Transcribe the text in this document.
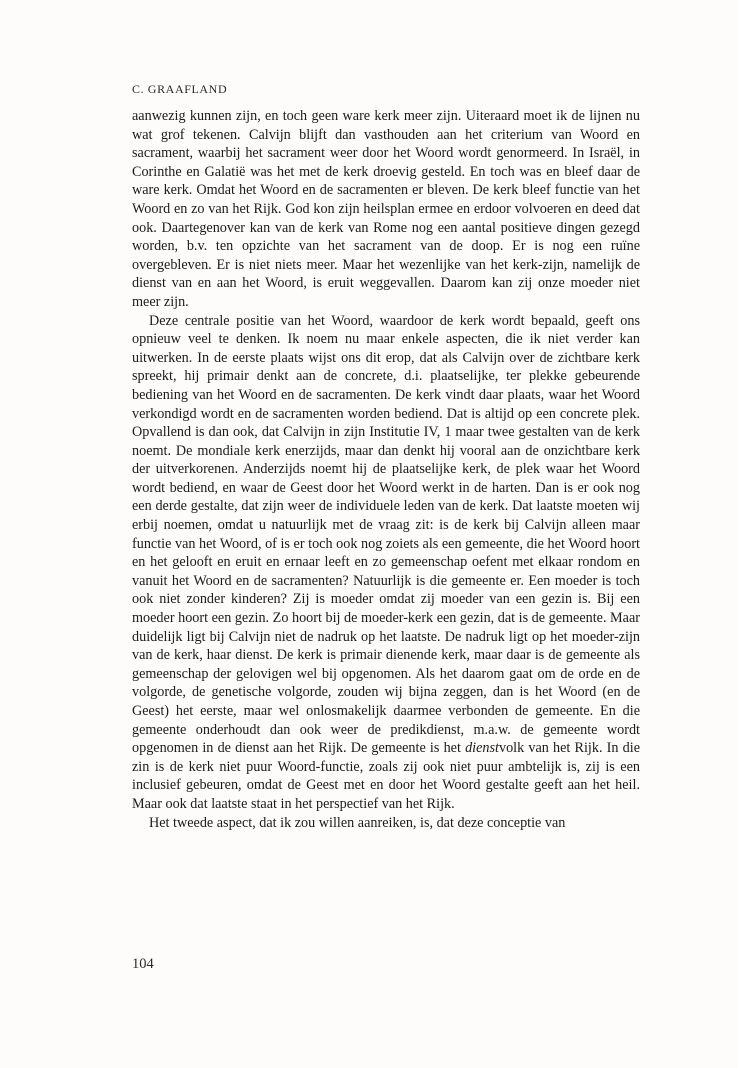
C. GRAAFLAND

aanwezig kunnen zijn, en toch geen ware kerk meer zijn. Uiteraard moet ik de lijnen nu wat grof tekenen. Calvijn blijft dan vasthouden aan het criterium van Woord en sacrament, waarbij het sacrament weer door het Woord wordt genormeerd. In Israël, in Corinthe en Galatië was het met de kerk droevig gesteld. En toch was en bleef daar de ware kerk. Omdat het Woord en de sacramenten er bleven. De kerk bleef functie van het Woord en zo van het Rijk. God kon zijn heilsplan ermee en erdoor volvoeren en deed dat ook. Daartegenover kan van de kerk van Rome nog een aantal positieve dingen gezegd worden, b.v. ten opzichte van het sacrament van de doop. Er is nog een ruïne overgebleven. Er is niet niets meer. Maar het wezenlijke van het kerk-zijn, namelijk de dienst van en aan het Woord, is eruit weggevallen. Daarom kan zij onze moeder niet meer zijn.

Deze centrale positie van het Woord, waardoor de kerk wordt bepaald, geeft ons opnieuw veel te denken. Ik noem nu maar enkele aspecten, die ik niet verder kan uitwerken. In de eerste plaats wijst ons dit erop, dat als Calvijn over de zichtbare kerk spreekt, hij primair denkt aan de concrete, d.i. plaatselijke, ter plekke gebeurende bediening van het Woord en de sacramenten. De kerk vindt daar plaats, waar het Woord verkondigd wordt en de sacramenten worden bediend. Dat is altijd op een concrete plek. Opvallend is dan ook, dat Calvijn in zijn Institutie IV, 1 maar twee gestalten van de kerk noemt. De mondiale kerk enerzijds, maar dan denkt hij vooral aan de onzichtbare kerk der uitverkorenen. Anderzijds noemt hij de plaatselijke kerk, de plek waar het Woord wordt bediend, en waar de Geest door het Woord werkt in de harten. Dan is er ook nog een derde gestalte, dat zijn weer de individuele leden van de kerk. Dat laatste moeten wij erbij noemen, omdat u natuurlijk met de vraag zit: is de kerk bij Calvijn alleen maar functie van het Woord, of is er toch ook nog zoiets als een gemeente, die het Woord hoort en het gelooft en eruit en ernaar leeft en zo gemeenschap oefent met elkaar rondom en vanuit het Woord en de sacramenten? Natuurlijk is die gemeente er. Een moeder is toch ook niet zonder kinderen? Zij is moeder omdat zij moeder van een gezin is. Bij een moeder hoort een gezin. Zo hoort bij de moeder-kerk een gezin, dat is de gemeente. Maar duidelijk ligt bij Calvijn niet de nadruk op het laatste. De nadruk ligt op het moeder-zijn van de kerk, haar dienst. De kerk is primair dienende kerk, maar daar is de gemeente als gemeenschap der gelovigen wel bij opgenomen. Als het daarom gaat om de orde en de volgorde, de genetische volgorde, zouden wij bijna zeggen, dan is het Woord (en de Geest) het eerste, maar wel onlosmakelijk daarmee verbonden de gemeente. En die gemeente onderhoudt dan ook weer de predikdienst, m.a.w. de gemeente wordt opgenomen in de dienst aan het Rijk. De gemeente is het dienstvolk van het Rijk. In die zin is de kerk niet puur Woord-functie, zoals zij ook niet puur ambtelijk is, zij is een inclusief gebeuren, omdat de Geest met en door het Woord gestalte geeft aan het heil. Maar ook dat laatste staat in het perspectief van het Rijk.

Het tweede aspect, dat ik zou willen aanreiken, is, dat deze conceptie van

104
